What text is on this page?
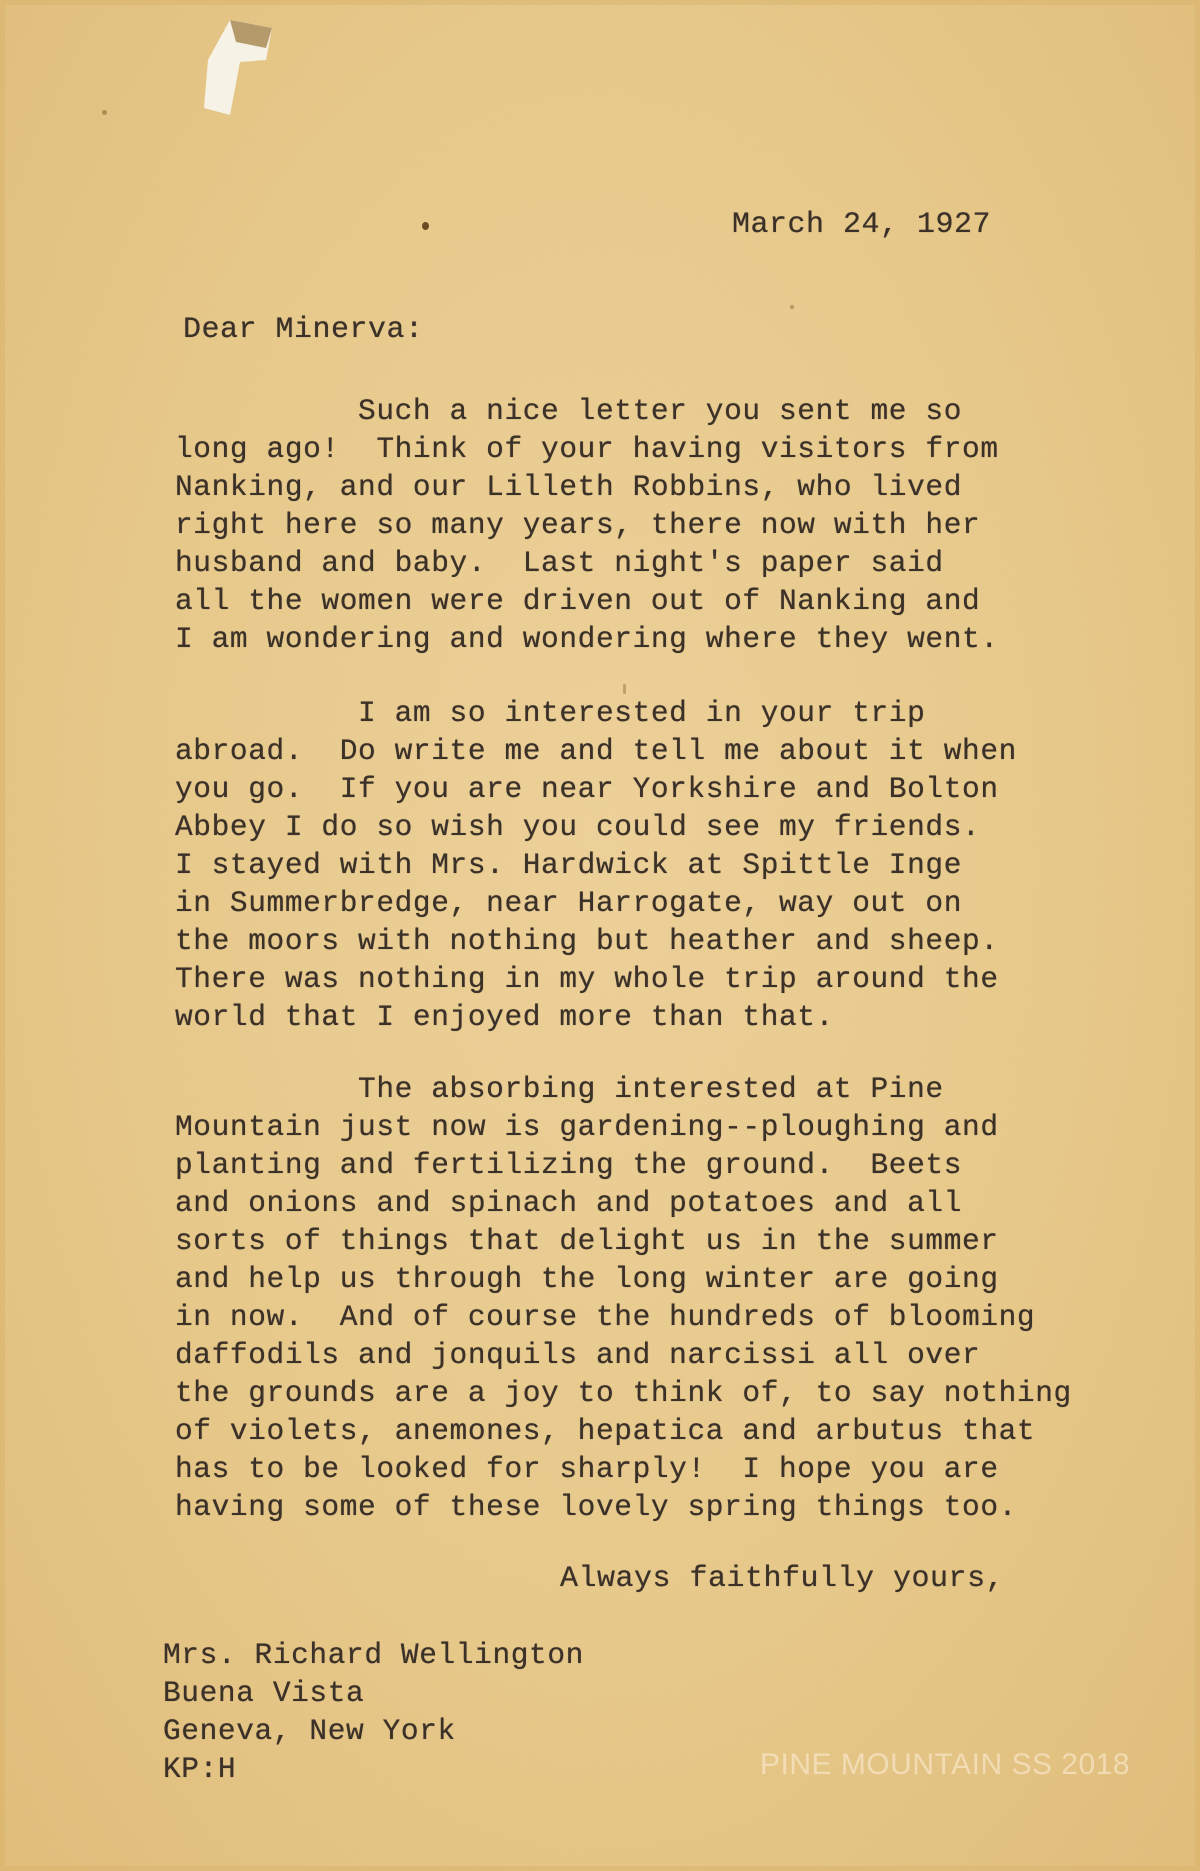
March 24, 1927
Dear Minerva:
Such a nice letter you sent me so
long ago!  Think of your having visitors from
Nanking, and our Lilleth Robbins, who lived
right here so many years, there now with her
husband and baby.  Last night's paper said
all the women were driven out of Nanking and
I am wondering and wondering where they went.
I am so interested in your trip
abroad.  Do write me and tell me about it when
you go.  If you are near Yorkshire and Bolton
Abbey I do so wish you could see my friends.
I stayed with Mrs. Hardwick at Spittle Inge
in Summerbredge, near Harrogate, way out on
the moors with nothing but heather and sheep.
There was nothing in my whole trip around the
world that I enjoyed more than that.
The absorbing interested at Pine
Mountain just now is gardening--ploughing and
planting and fertilizing the ground.  Beets
and onions and spinach and potatoes and all
sorts of things that delight us in the summer
and help us through the long winter are going
in now.  And of course the hundreds of blooming
daffodils and jonquils and narcissi all over
the grounds are a joy to think of, to say nothing
of violets, anemones, hepatica and arbutus that
has to be looked for sharply!  I hope you are
having some of these lovely spring things too.
Always faithfully yours,
Mrs. Richard Wellington
Buena Vista
Geneva, New York
KP:H	PINE MOUNTAIN SS 2018
